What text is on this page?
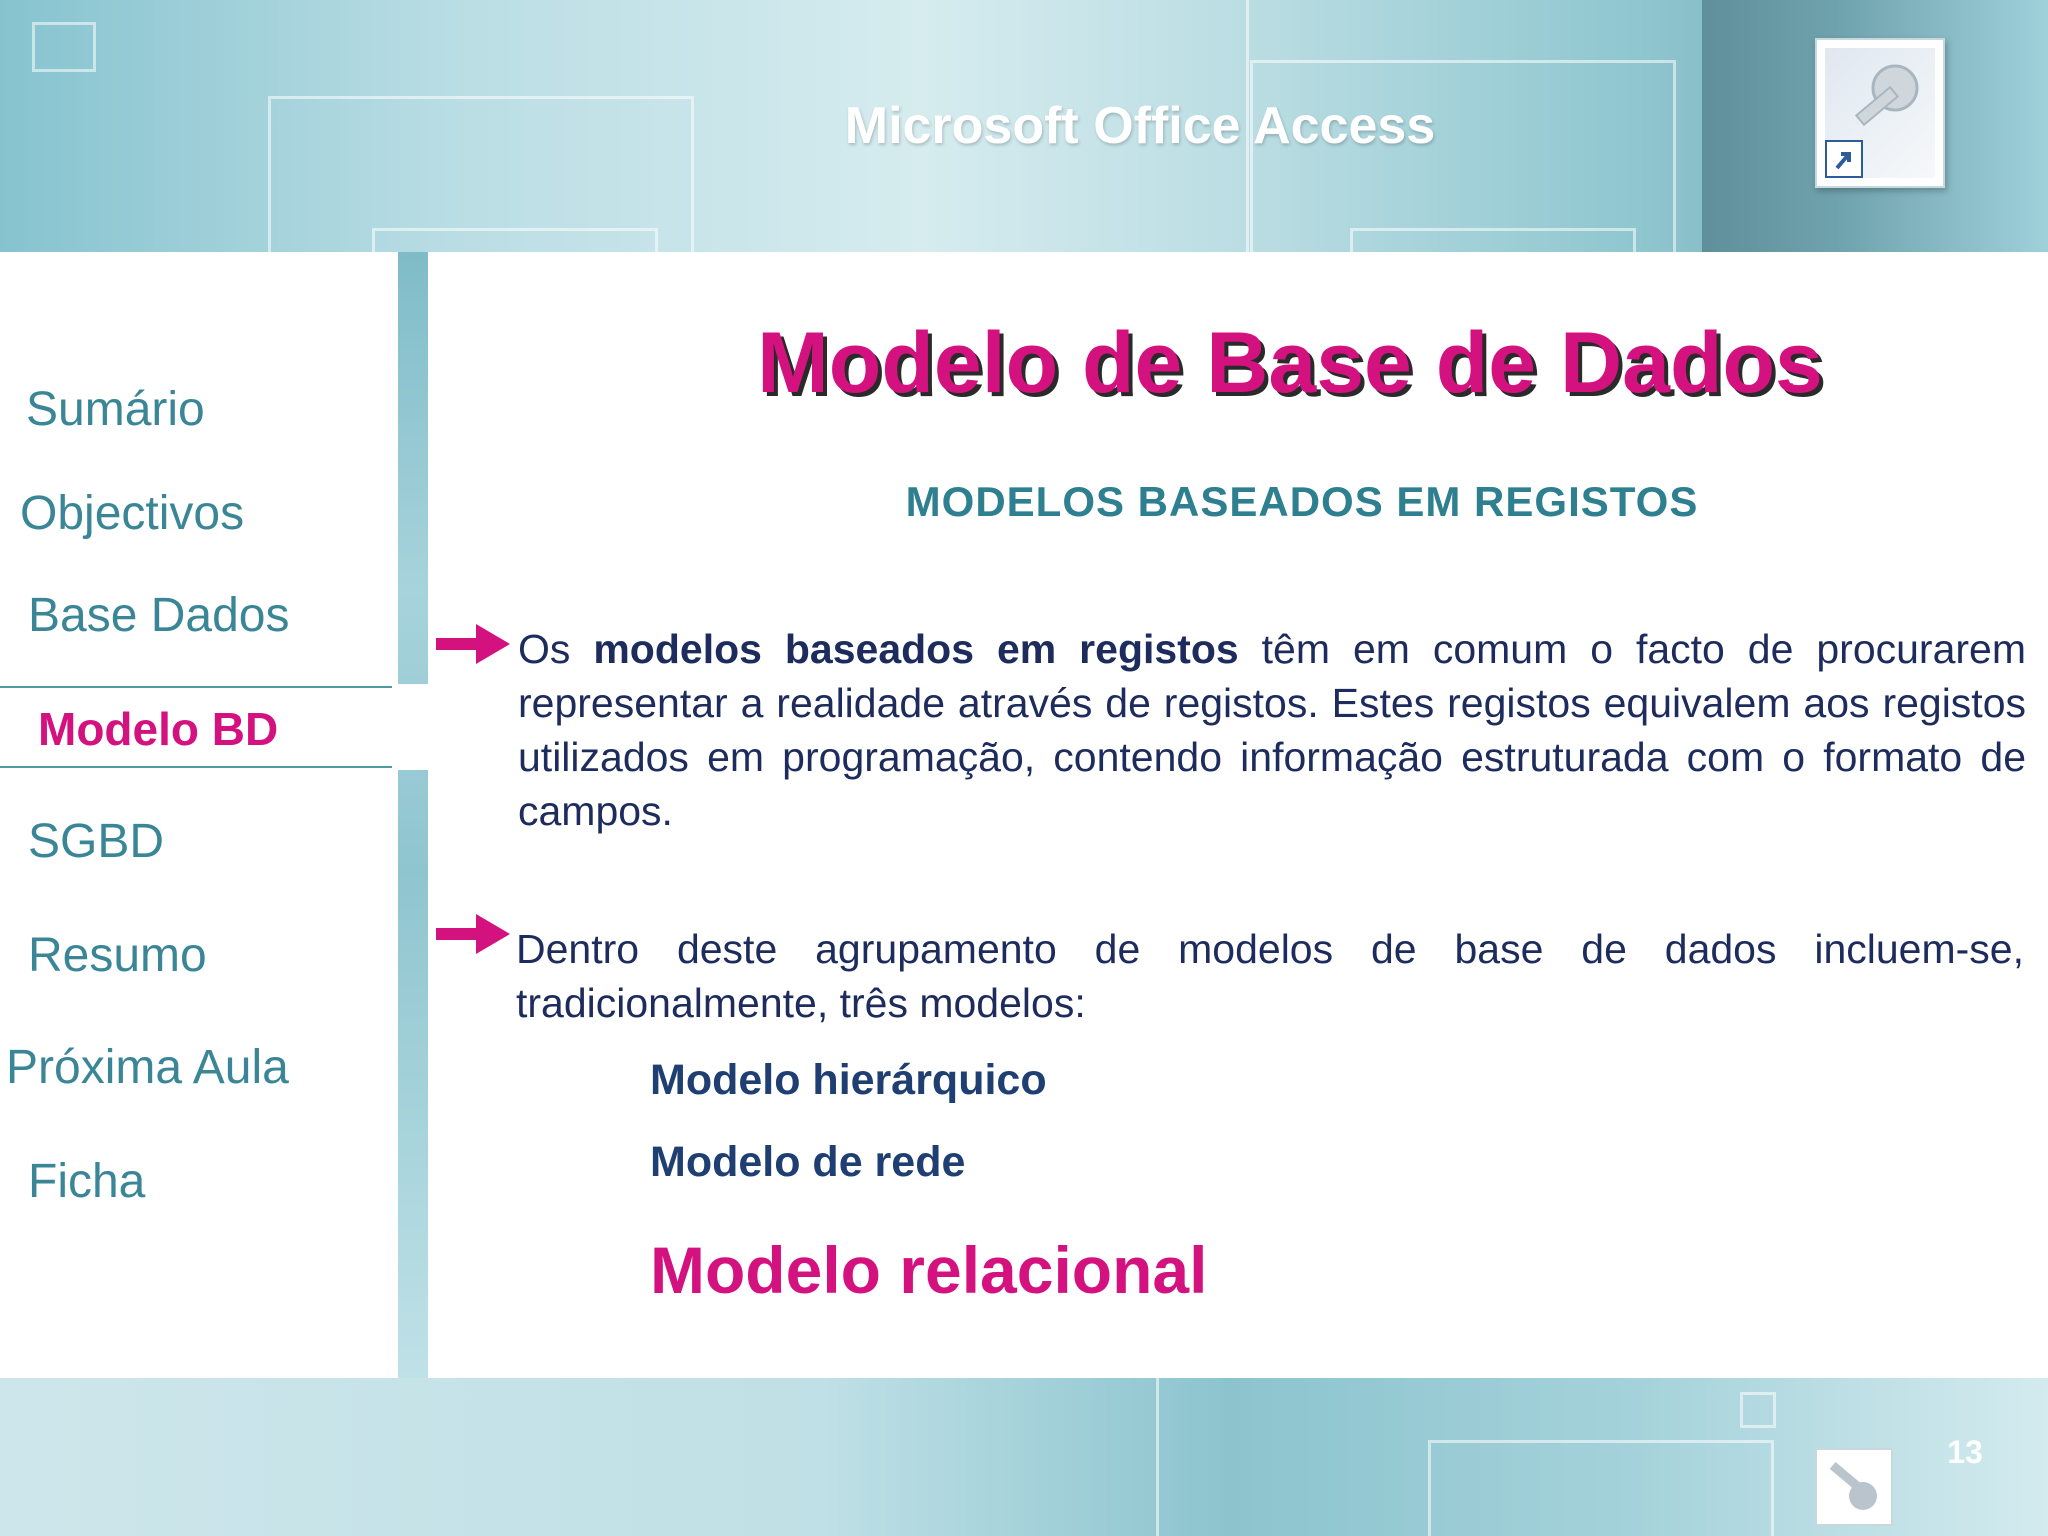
Microsoft Office Access
Sumário
Objectivos
Base Dados
Modelo BD
SGBD
Resumo
Próxima Aula
Ficha
Modelo de Base de Dados
MODELOS BASEADOS EM REGISTOS
Os modelos baseados em registos têm em comum o facto de procurarem representar a realidade através de registos. Estes registos equivalem aos registos utilizados em programação, contendo informação estruturada com o formato de campos.
Dentro deste agrupamento de modelos de base de dados incluem-se, tradicionalmente, três modelos:
Modelo hierárquico
Modelo de rede
Modelo relacional
13
